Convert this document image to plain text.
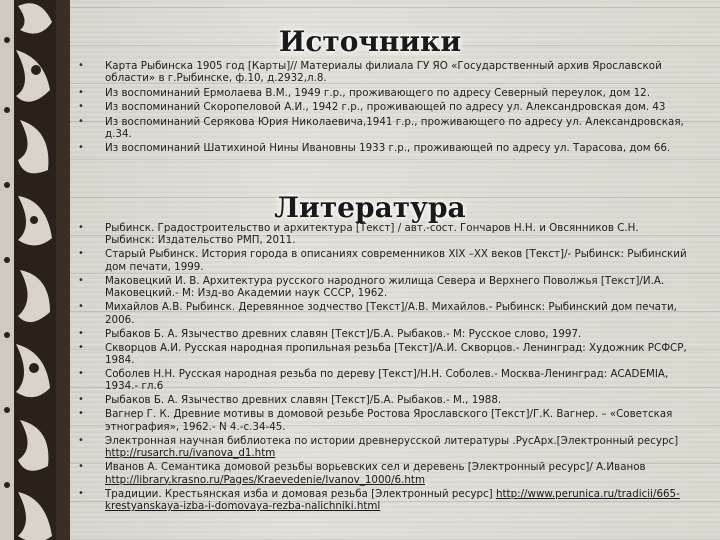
Источники
• Карта Рыбинска 1905 год [Карты]// Материалы филиала ГУ ЯО «Государственный архив Ярославской области» в г.Рыбинске, ф.10, д.2932,л.8.
• Из воспоминаний Ермолаева В.М., 1949 г.р., проживающего по адресу Северный переулок, дом 12.
• Из воспоминаний Скоропеловой А.И., 1942 г.р., проживающей по адресу ул. Александровская дом. 43
• Из воспоминаний Серякова Юрия Николаевича,1941 г.р., проживающего по адресу ул. Александровская, д.34.
• Из воспоминаний Шатихиной Нины Ивановны 1933 г.р., проживающей по адресу ул. Тарасова, дом 66.
Литература
• Рыбинск. Градостроительство и архитектура [Текст] / авт.-сост. Гончаров Н.Н. и Овсянников С.Н. Рыбинск: Издательство РМП, 2011.
• Старый Рыбинск. История города в описаниях современников XIX –XX веков [Текст]/- Рыбинск: Рыбинский дом печати, 1999.
• Маковецкий И. В. Архитектура русского народного жилища Севера и Верхнего Поволжья [Текст]/И.А. Маковецкий.- М: Изд-во Академии наук СССР, 1962.
• Михайлов А.В. Рыбинск. Деревянное зодчество [Текст]/А.В. Михайлов.- Рыбинск: Рыбинский дом печати, 2006.
• Рыбаков Б. А. Язычество древних славян [Текст]/Б.А. Рыбаков.- М: Русское слово, 1997.
• Скворцов А.И. Русская народная пропильная резьба [Текст]/А.И. Скворцов.- Ленинград: Художник РСФСР, 1984.
• Соболев Н.Н. Русская народная резьба по дереву [Текст]/Н.Н. Соболев.- Москва-Ленинград: ACADEMIA, 1934.- гл.6
• Рыбаков Б. А. Язычество древних славян [Текст]/Б.А. Рыбаков.- М., 1988.
• Вагнер Г. К. Древние мотивы в домовой резьбе Ростова Ярославского [Текст]/Г.К. Вагнер. – «Советская этнография», 1962.- N 4.-с.34-45.
• Электронная научная библиотека по истории древнерусской литературы .РусАрх.[Электронный ресурс] http://rusarch.ru/ivanova_d1.htm
• Иванов А. Семантика домовой резьбы ворьевских сел и деревень [Электронный ресурс]/ А.Иванов http://library.krasno.ru/Pages/Kraevedenie/Ivanov_1000/6.htm
• Традиции. Крестьянская изба и домовая резьба [Электронный ресурс] http://www.perunica.ru/tradicii/665-krestyanskaya-izba-i-domovaya-rezba-nalichniki.html
